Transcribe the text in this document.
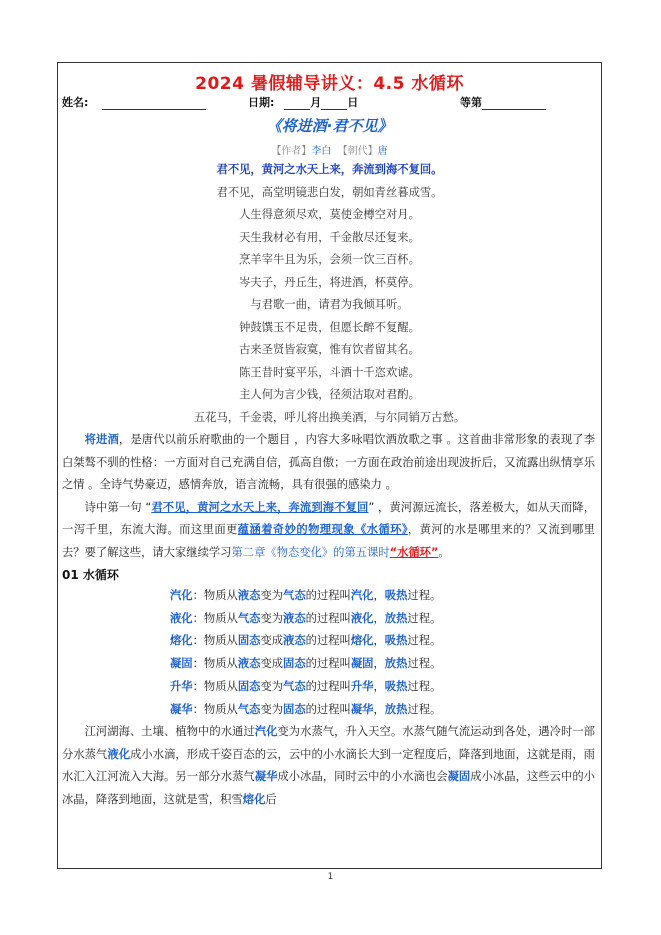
2024 暑假辅导讲义：4.5 水循环
姓名:	日期:	月 日	等第
《将进酒·君不见》
【作者】李白 【朝代】唐
君不见，黄河之水天上来，奔流到海不复回。
君不见，高堂明镜悲白发，朝如青丝暮成雪。
人生得意须尽欢，莫使金樽空对月。
天生我材必有用，千金散尽还复来。
烹羊宰牛且为乐，会须一饮三百杯。
岑夫子，丹丘生，将进酒，杯莫停。
与君歌一曲，请君为我倾耳听。
钟鼓馔玉不足贵，但愿长醉不复醒。
古来圣贤皆寂寞，惟有饮者留其名。
陈王昔时宴平乐，斗酒十千恣欢谑。
主人何为言少钱，径须沽取对君酌。
五花马，千金裘，呼儿将出换美酒，与尔同销万古愁。
将进酒，是唐代以前乐府歌曲的一个题目 ，内容大多咏唱饮酒放歌之事 。这首曲非常形象的表现了李白桀骜不驯的性格：一方面对自己充满自信，孤高自傲；一方面在政治前途出现波折后，又流露出纵情享乐之情 。全诗气势豪迈，感情奔放，语言流畅，具有很强的感染力 。
诗中第一句 “君不见，黄河之水天上来，奔流到海不复回” ，黄河源远流长，落差极大，如从天而降，一泻千里，东流大海。而这里面更蕴涵着奇妙的物理现象《水循环》，黄河的水是哪里来的？又流到哪里去？要了解这些，请大家继续学习第二章《物态变化》的第五课时“水循环”。
01 水循环
汽化：物质从液态变为气态的过程叫汽化，吸热过程。
液化：物质从气态变为液态的过程叫液化，放热过程。
熔化：物质从固态变成液态的过程叫熔化，吸热过程。
凝固：物质从液态变成固态的过程叫凝固，放热过程。
升华：物质从固态变为气态的过程叫升华，吸热过程。
凝华：物质从气态变为固态的过程叫凝华，放热过程。
江河湖海、土壤、植物中的水通过汽化变为水蒸气，升入天空。水蒸气随气流运动到各处，遇冷时一部分水蒸气液化成小水滴，形成千姿百态的云，云中的小水滴长大到一定程度后，降落到地面，这就是雨，雨水汇入江河流入大海。另一部分水蒸气凝华成小冰晶，同时云中的小水滴也会凝固成小冰晶，这些云中的小冰晶，降落到地面，这就是雪，积雪熔化后
1
